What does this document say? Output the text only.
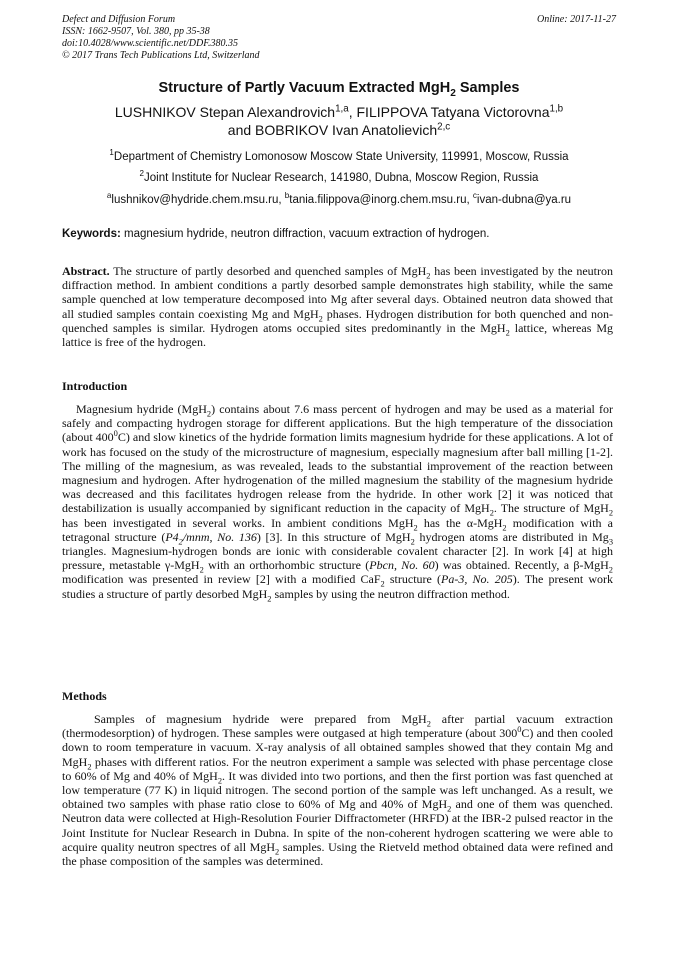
Defect and Diffusion Forum
ISSN: 1662-9507, Vol. 380, pp 35-38
doi:10.4028/www.scientific.net/DDF.380.35
© 2017 Trans Tech Publications Ltd, Switzerland
Online: 2017-11-27
Structure of Partly Vacuum Extracted MgH$_2$ Samples
LUSHNIKOV Stepan Alexandrovich$^{1,a}$, FILIPPOVA Tatyana Victorovna$^{1,b}$
and BOBRIKOV Ivan Anatolievich$^{2,c}$
$^1$Department of Chemistry Lomonosow Moscow State University, 119991, Moscow, Russia
$^2$Joint Institute for Nuclear Research, 141980, Dubna, Moscow Region, Russia
$^a$lushnikov@hydride.chem.msu.ru, $^b$tania.filippova@inorg.chem.msu.ru, $^c$ivan-dubna@ya.ru
Keywords: magnesium hydride, neutron diffraction, vacuum extraction of hydrogen.
Abstract. The structure of partly desorbed and quenched samples of MgH$_2$ has been investigated by the neutron diffraction method. In ambient conditions a partly desorbed sample demonstrates high stability, while the same sample quenched at low temperature decomposed into Mg after several days. Obtained neutron data showed that all studied samples contain coexisting Mg and MgH$_2$ phases. Hydrogen distribution for both quenched and non-quenched samples is similar. Hydrogen atoms occupied sites predominantly in the MgH$_2$ lattice, whereas Mg lattice is free of the hydrogen.
Introduction
Magnesium hydride (MgH$_2$) contains about 7.6 mass percent of hydrogen and may be used as a material for safely and compacting hydrogen storage for different applications. But the high temperature of the dissociation (about $400^0C$) and slow kinetics of the hydride formation limits magnesium hydride for these applications. A lot of work has focused on the study of the microstructure of magnesium, especially magnesium after ball milling [1-2]. The milling of the magnesium, as was revealed, leads to the substantial improvement of the reaction between magnesium and hydrogen. After hydrogenation of the milled magnesium the stability of the magnesium hydride was decreased and this facilitates hydrogen release from the hydride. In other work [2] it was noticed that destabilization is usually accompanied by significant reduction in the capacity of MgH$_2$. The structure of MgH$_2$ has been investigated in several works. In ambient conditions MgH$_2$ has the α-MgH$_2$ modification with a tetragonal structure ($P4_2$/mnm, No. 136) [3]. In this structure of MgH$_2$ hydrogen atoms are distributed in $Mg_3$ triangles. Magnesium-hydrogen bonds are ionic with considerable covalent character [2]. In work [4] at high pressure, metastable γ-MgH$_2$ with an orthorhombic structure (Pbcn, No. 60) was obtained. Recently, a β-MgH$_2$ modification was presented in review [2] with a modified CaF$_2$ structure (Pa-3, No. 205). The present work studies a structure of partly desorbed MgH$_2$ samples by using the neutron diffraction method.
Methods
Samples of magnesium hydride were prepared from MgH$_2$ after partial vacuum extraction (thermodesorption) of hydrogen. These samples were outgased at high temperature (about $300^0C$) and then cooled down to room temperature in vacuum. X-ray analysis of all obtained samples showed that they contain Mg and MgH$_2$ phases with different ratios. For the neutron experiment a sample was selected with phase percentage close to 60% of Mg and 40% of MgH$_2$. It was divided into two portions, and then the first portion was fast quenched at low temperature (77 K) in liquid nitrogen. The second portion of the sample was left unchanged. As a result, we obtained two samples with phase ratio close to 60% of Mg and 40% of MgH$_2$ and one of them was quenched. Neutron data were collected at High-Resolution Fourier Diffractometer (HRFD) at the IBR-2 pulsed reactor in the Joint Institute for Nuclear Research in Dubna. In spite of the non-coherent hydrogen scattering we were able to acquire quality neutron spectres of all MgH$_2$ samples. Using the Rietveld method obtained data were refined and the phase composition of the samples was determined.
